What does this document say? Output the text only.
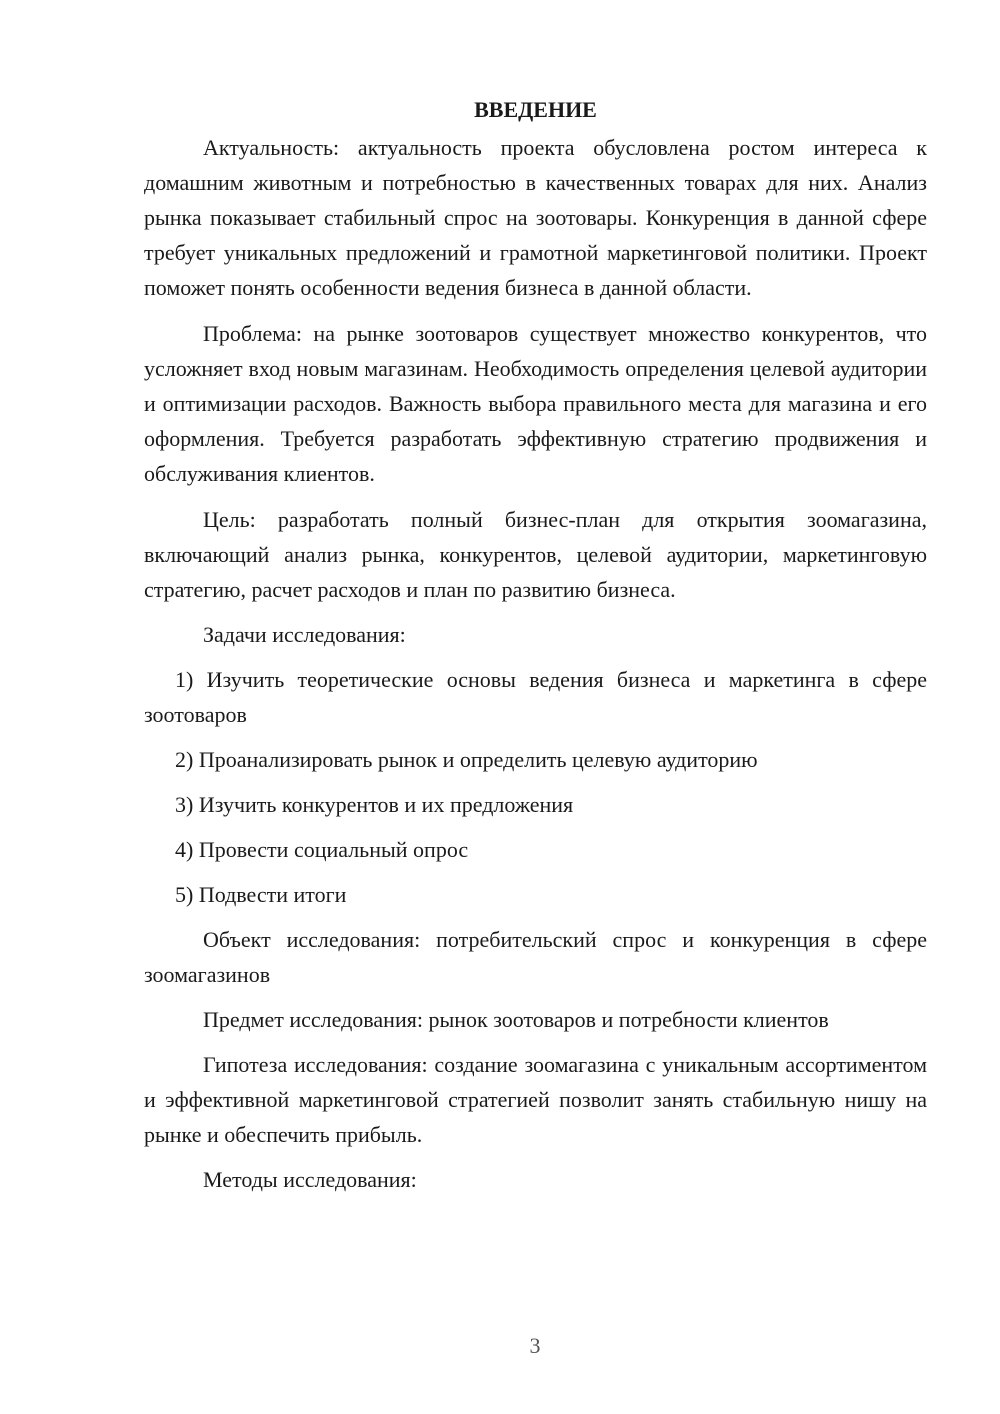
ВВЕДЕНИЕ

Актуальность: актуальность проекта обусловлена ростом интереса к домашним животным и потребностью в качественных товарах для них. Анализ рынка показывает стабильный спрос на зоотовары. Конкуренция в данной сфере требует уникальных предложений и грамотной маркетинговой политики. Проект поможет понять особенности ведения бизнеса в данной области.

Проблема: на рынке зоотоваров существует множество конкурентов, что усложняет вход новым магазинам. Необходимость определения целевой аудитории и оптимизации расходов. Важность выбора правильного места для магазина и его оформления. Требуется разработать эффективную стратегию продвижения и обслуживания клиентов.

Цель: разработать полный бизнес-план для открытия зоомагазина, включающий анализ рынка, конкурентов, целевой аудитории, маркетинговую стратегию, расчет расходов и план по развитию бизнеса.

Задачи исследования:

1) Изучить теоретические основы ведения бизнеса и маркетинга в сфере зоотоваров

2) Проанализировать рынок и определить целевую аудиторию

3) Изучить конкурентов и их предложения

4) Провести социальный опрос

5) Подвести итоги

Объект исследования: потребительский спрос и конкуренция в сфере зоомагазинов

Предмет исследования: рынок зоотоваров и потребности клиентов

Гипотеза исследования: создание зоомагазина с уникальным ассортиментом и эффективной маркетинговой стратегией позволит занять стабильную нишу на рынке и обеспечить прибыль.

Методы исследования:

3
